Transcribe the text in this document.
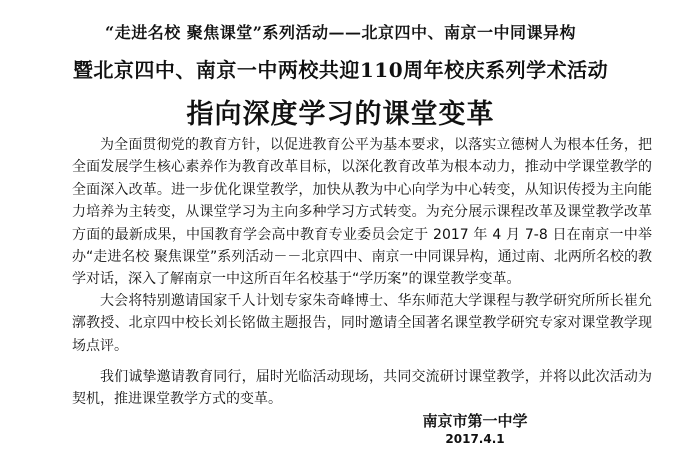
“走进名校 聚焦课堂”系列活动——北京四中、南京一中同课异构
暨北京四中、南京一中两校共迎110周年校庆系列学术活动
指向深度学习的课堂变革

为全面贯彻党的教育方针，以促进教育公平为基本要求，以落实立德树人为根本任务，把全面发展学生核心素养作为教育改革目标，以深化教育改革为根本动力，推动中学课堂教学的全面深入改革。进一步优化课堂教学，加快从教为中心向学为中心转变，从知识传授为主向能力培养为主转变，从课堂学习为主向多种学习方式转变。为充分展示课程改革及课堂教学改革方面的最新成果，中国教育学会高中教育专业委员会定于 2017 年 4 月 7-8 日在南京一中举办“走进名校 聚焦课堂”系列活动－－北京四中、南京一中同课异构，通过南、北两所名校的教学对话，深入了解南京一中这所百年名校基于“学历案”的课堂教学变革。

大会将特别邀请国家千人计划专家朱奇峰博士、华东师范大学课程与教学研究所所长崔允漷教授、北京四中校长刘长铭做主题报告，同时邀请全国著名课堂教学研究专家对课堂教学现场点评。

我们诚挚邀请教育同行，届时光临活动现场，共同交流研讨课堂教学，并将以此次活动为契机，推进课堂教学方式的变革。

南京市第一中学
2017.4.1
